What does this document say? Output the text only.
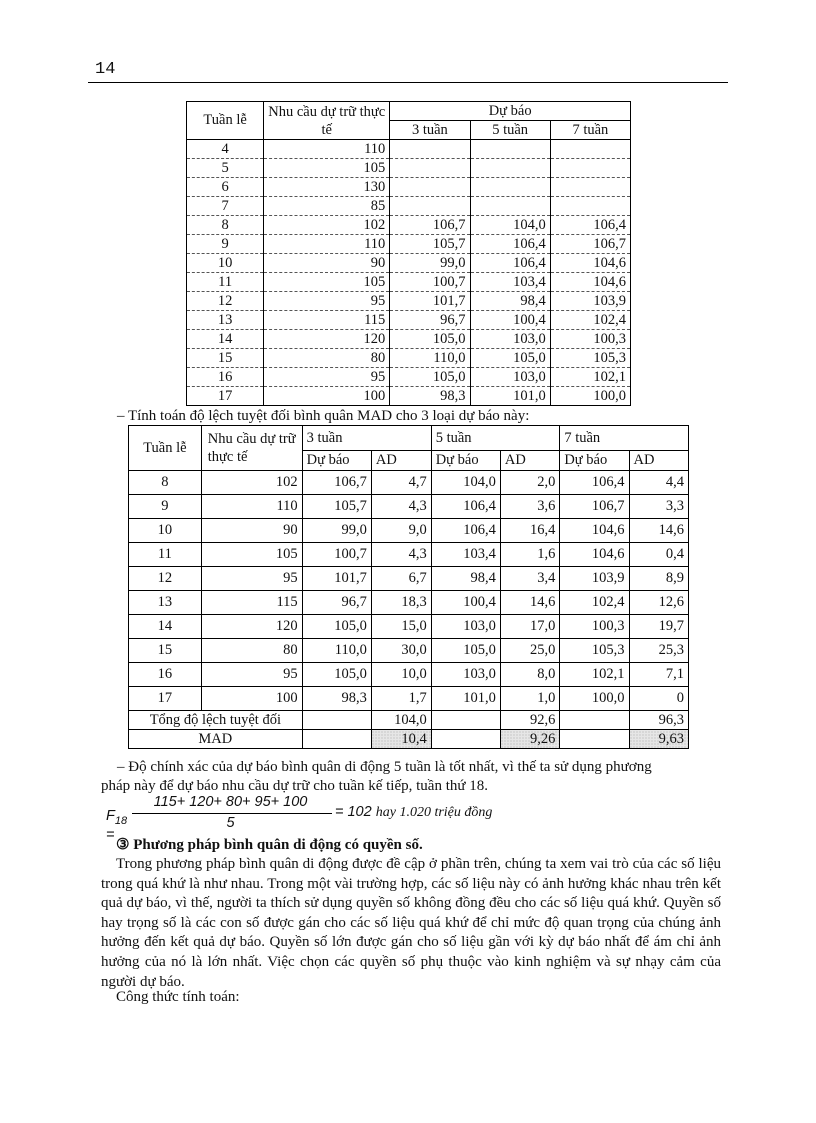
14
Tuần lễ	Nhu cầu dự trữ thực tế	Dự báo		
		3 tuần	5 tuần	7 tuần
4	110			
5	105			
6	130			
7	85			
8	102	106,7	104,0	106,4
9	110	105,7	106,4	106,7
10	90	99,0	106,4	104,6
11	105	100,7	103,4	104,6
12	95	101,7	98,4	103,9
13	115	96,7	100,4	102,4
14	120	105,0	103,0	100,3
15	80	110,0	105,0	105,3
16	95	105,0	103,0	102,1
17	100	98,3	101,0	100,0
– Tính toán độ lệch tuyệt đối bình quân MAD cho 3 loại dự báo này:
Tuần lễ	Nhu cầu dự trữ thực tế	3 tuần		5 tuần		7 tuần	
		Dự báo	AD	Dự báo	AD	Dự báo	AD
8	102	106,7	4,7	104,0	2,0	106,4	4,4
9	110	105,7	4,3	106,4	3,6	106,7	3,3
10	90	99,0	9,0	106,4	16,4	104,6	14,6
11	105	100,7	4,3	103,4	1,6	104,6	0,4
12	95	101,7	6,7	98,4	3,4	103,9	8,9
13	115	96,7	18,3	100,4	14,6	102,4	12,6
14	120	105,0	15,0	103,0	17,0	100,3	19,7
15	80	110,0	30,0	105,0	25,0	105,3	25,3
16	95	105,0	10,0	103,0	8,0	102,1	7,1
17	100	98,3	1,7	101,0	1,0	100,0	0
Tổng độ lệch tuyệt đối			104,0		92,6		96,3
MAD			10,4		9,26		9,63
– Độ chính xác của dự báo bình quân di động 5 tuần là tốt nhất, vì thế ta sử dụng phương
pháp này để dự báo nhu cầu dự trữ cho tuần kế tiếp, tuần thứ 18.
$F_{18}$ =
115+ 120+ 80+ 95+ 100
5
= 102 hay 1.020 triệu đồng
③ Phương pháp bình quân di động có quyền số.
Trong phương pháp bình quân di động được đề cập ở phần trên, chúng ta xem vai trò của các số liệu trong quá khứ là như nhau. Trong một vài trường hợp, các số liệu này có ảnh hưởng khác nhau trên kết quả dự báo, vì thế, người ta thích sử dụng quyền số không đồng đều cho các số liệu quá khứ. Quyền số hay trọng số là các con số được gán cho các số liệu quá khứ để chỉ mức độ quan trọng của chúng ảnh hưởng đến kết quả dự báo. Quyền số lớn được gán cho số liệu gần với kỳ dự báo nhất để ám chỉ ảnh hưởng của nó là lớn nhất. Việc chọn các quyền số phụ thuộc vào kinh nghiệm và sự nhạy cảm của người dự báo.
Công thức tính toán:
